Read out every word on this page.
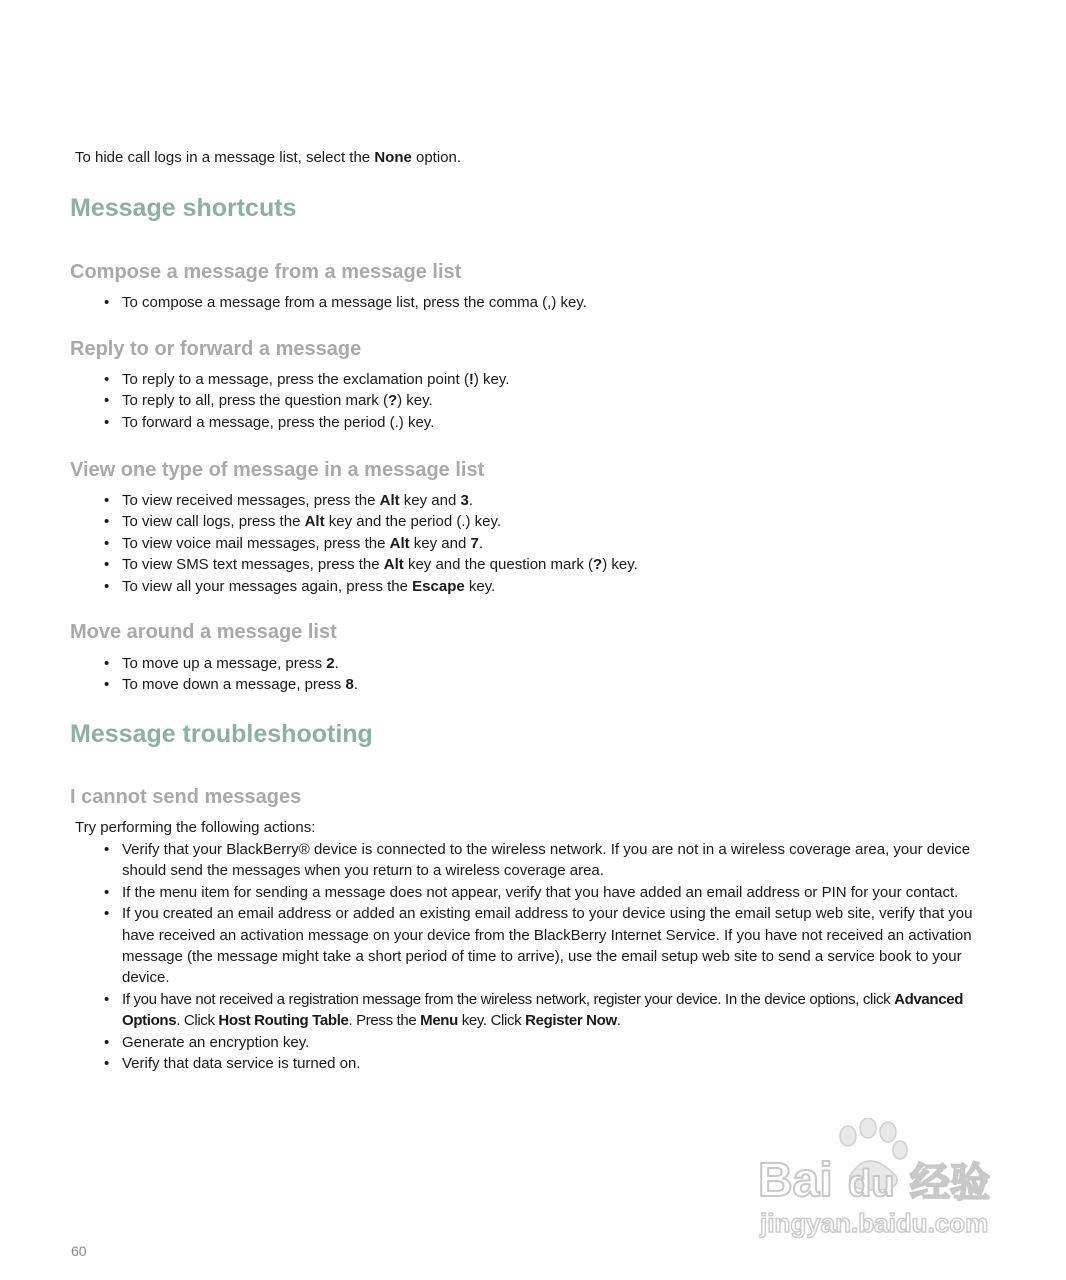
To hide call logs in a message list, select the None option.

Message shortcuts
Compose a message from a message list
• To compose a message from a message list, press the comma (,) key.
Reply to or forward a message
• To reply to a message, press the exclamation point (!) key.
• To reply to all, press the question mark (?) key.
• To forward a message, press the period (.) key.
View one type of message in a message list
• To view received messages, press the Alt key and 3.
• To view call logs, press the Alt key and the period (.) key.
• To view voice mail messages, press the Alt key and 7.
• To view SMS text messages, press the Alt key and the question mark (?) key.
• To view all your messages again, press the Escape key.
Move around a message list
• To move up a message, press 2.
• To move down a message, press 8.
Message troubleshooting
I cannot send messages

Try performing the following actions:

• Verify that your BlackBerry® device is connected to the wireless network. If you are not in a wireless coverage area, your device should send the messages when you return to a wireless coverage area.
• If the menu item for sending a message does not appear, verify that you have added an email address or PIN for your contact.
• If you created an email address or added an existing email address to your device using the email setup web site, verify that you have received an activation message on your device from the BlackBerry Internet Service. If you have not received an activation message (the message might take a short period of time to arrive), use the email setup web site to send a service book to your device.
• If you have not received a registration message from the wireless network, register your device. In the device options, click Advanced Options. Click Host Routing Table. Press the Menu key. Click Register Now.
• Generate an encryption key.
• Verify that data service is turned on.
60
Bai du 经验
jingyan.baidu.com
